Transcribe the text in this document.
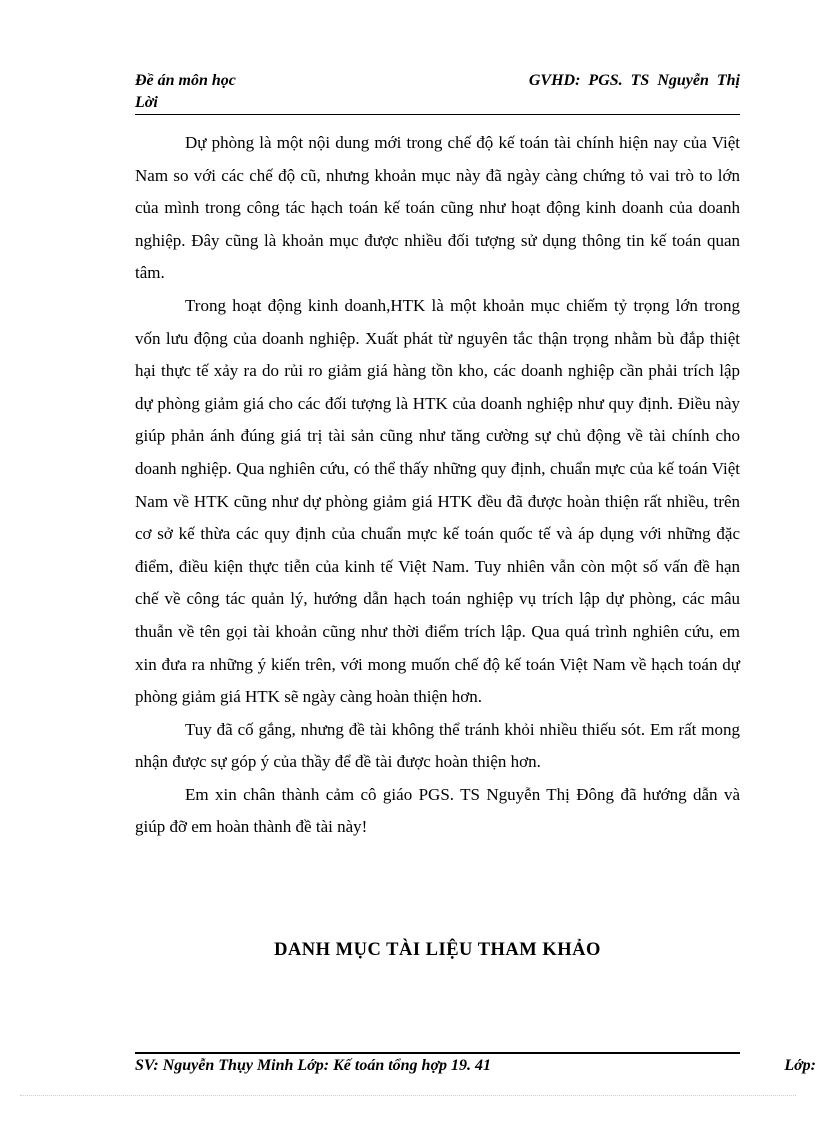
Đề án môn học
Lời
GVHD: PGS. TS Nguyễn Thị

Dự phòng là một nội dung mới trong chế độ kế toán tài chính hiện nay của Việt Nam so với các chế độ cũ, nhưng khoản mục này đã ngày càng chứng tỏ vai trò to lớn của mình trong công tác hạch toán kế toán cũng như hoạt động kinh doanh của doanh nghiệp. Đây cũng là khoản mục được nhiều đối tượng sử dụng thông tin kế toán quan tâm.

Trong hoạt động kinh doanh,HTK là một khoản mục chiếm tỷ trọng lớn trong vốn lưu động của doanh nghiệp. Xuất phát từ nguyên tắc thận trọng nhằm bù đắp thiệt hại thực tế xảy ra do rủi ro giảm giá hàng tồn kho, các doanh nghiệp cần phải trích lập dự phòng giảm giá cho các đối tượng là HTK của doanh nghiệp như quy định. Điều này giúp phản ánh đúng giá trị tài sản cũng như tăng cường sự chủ động về tài chính cho doanh nghiệp. Qua nghiên cứu, có thể thấy những quy định, chuẩn mực của kế toán Việt Nam về HTK cũng như dự phòng giảm giá HTK đều đã được hoàn thiện rất nhiều, trên cơ sở kế thừa các quy định của chuẩn mực kế toán quốc tế và áp dụng với những đặc điểm, điều kiện thực tiễn của kinh tế Việt Nam. Tuy nhiên vẫn còn một số vấn đề hạn chế về công tác quản lý, hướng dẫn hạch toán nghiệp vụ trích lập dự phòng, các mâu thuẫn về tên gọi tài khoản cũng như thời điểm trích lập. Qua quá trình nghiên cứu, em xin đưa ra những ý kiến trên, với mong muốn chế độ kế toán Việt Nam về hạch toán dự phòng giảm giá HTK sẽ ngày càng hoàn thiện hơn.

Tuy đã cố gắng, nhưng đề tài không thể tránh khỏi nhiều thiếu sót. Em rất mong nhận được sự góp ý của thầy để đề tài được hoàn thiện hơn.

Em xin chân thành cảm cô giáo PGS. TS Nguyễn Thị Đông đã hướng dẫn và giúp đỡ em hoàn thành đề tài này!

DANH MỤC TÀI LIỆU THAM KHẢO
SV: Nguyễn Thụy Minh Lớp: Kế toán tổng hợp 19. 41	Lớp:
